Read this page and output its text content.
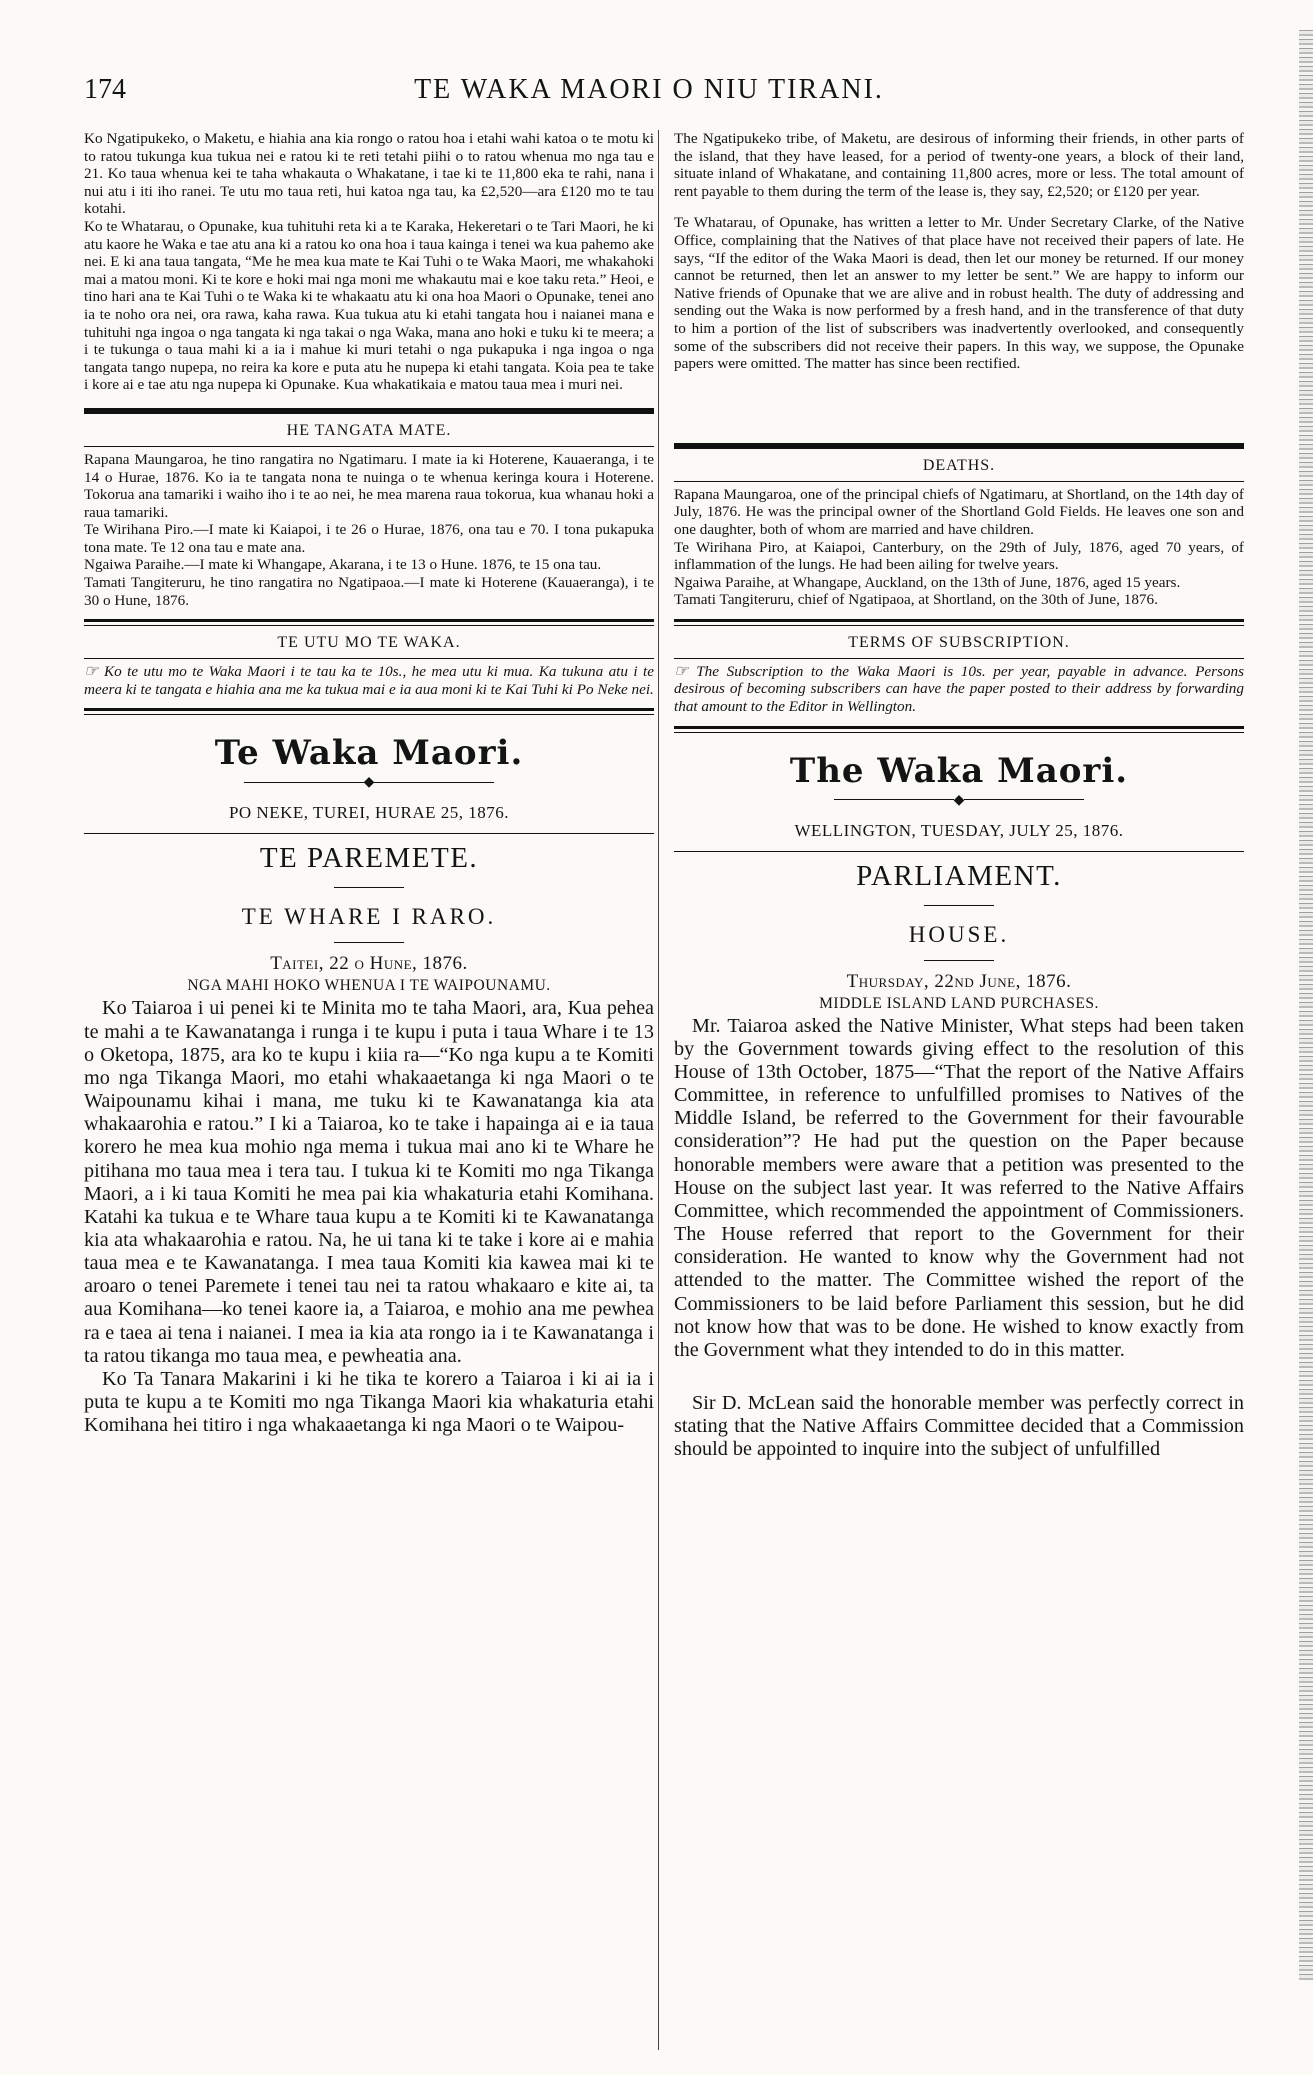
174	TE WAKA MAORI O NIU TIRANI.

Ko Ngatipukeko, o Maketu, e hiahia ana kia rongo o ratou hoa i etahi wahi katoa o te motu ki to ratou tukunga kua tukua nei e ratou ki te reti tetahi piihi o to ratou whenua mo nga tau e 21. Ko taua whenua kei te taha whakauta o Whakatane, i tae ki te 11,800 eka te rahi, nana i nui atu i iti iho ranei. Te utu mo taua reti, hui katoa nga tau, ka £2,520—ara £120 mo te tau kotahi.

Ko te Whatarau, o Opunake, kua tuhituhi reta ki a te Karaka, Hekeretari o te Tari Maori, he ki atu kaore he Waka e tae atu ana ki a ratou ko ona hoa i taua kainga i tenei wa kua pahemo ake nei. E ki ana taua tangata, “Me he mea kua mate te Kai Tuhi o te Waka Maori, me whakahoki mai a matou moni. Ki te kore e hoki mai nga moni me whakautu mai e koe taku reta.” Heoi, e tino hari ana te Kai Tuhi o te Waka ki te whakaatu atu ki ona hoa Maori o Opunake, tenei ano ia te noho ora nei, ora rawa, kaha rawa. Kua tukua atu ki etahi tangata hou i naianei mana e tuhituhi nga ingoa o nga tangata ki nga takai o nga Waka, mana ano hoki e tuku ki te meera; a i te tukunga o taua mahi ki a ia i mahue ki muri tetahi o nga pukapuka i nga ingoa o nga tangata tango nupepa, no reira ka kore e puta atu he nupepa ki etahi tangata. Koia pea te take i kore ai e tae atu nga nupepa ki Opunake. Kua whakatikaia e matou taua mea i muri nei.

HE TANGATA MATE.

Rapana Maungaroa, he tino rangatira no Ngatimaru. I mate ia ki Hoterene, Kauaeranga, i te 14 o Hurae, 1876. Ko ia te tangata nona te nuinga o te whenua keringa koura i Hoterene. Tokorua ana tamariki i waiho iho i te ao nei, he mea marena raua tokorua, kua whanau hoki a raua tamariki.

Te Wirihana Piro.—I mate ki Kaiapoi, i te 26 o Hurae, 1876, ona tau e 70. I tona pukapuka tona mate. Te 12 ona tau e mate ana.

Ngaiwa Paraihe.—I mate ki Whangape, Akarana, i te 13 o Hune. 1876, te 15 ona tau.

Tamati Tangiteruru, he tino rangatira no Ngatipaoa.—I mate ki Hoterene (Kauaeranga), i te 30 o Hune, 1876.

TE UTU MO TE WAKA.

☞ Ko te utu mo te Waka Maori i te tau ka te 10s., he mea utu ki mua. Ka tukuna atu i te meera ki te tangata e hiahia ana me ka tukua mai e ia aua moni ki te Kai Tuhi ki Po Neke nei.

Te Waka Maori.
◆
PO NEKE, TUREI, HURAE 25, 1876.
TE PAREMETE.
TE WHARE I RARO.
Taitei, 22 o Hune, 1876.
NGA MAHI HOKO WHENUA I TE WAIPOUNAMU.

Ko Taiaroa i ui penei ki te Minita mo te taha Maori, ara, Kua pehea te mahi a te Kawanatanga i runga i te kupu i puta i taua Whare i te 13 o Oketopa, 1875, ara ko te kupu i kiia ra—“Ko nga kupu a te Komiti mo nga Tikanga Maori, mo etahi whakaaetanga ki nga Maori o te Waipounamu kihai i mana, me tuku ki te Kawanatanga kia ata whakaarohia e ratou.” I ki a Taiaroa, ko te take i hapainga ai e ia taua korero he mea kua mohio nga mema i tukua mai ano ki te Whare he pitihana mo taua mea i tera tau. I tukua ki te Komiti mo nga Tikanga Maori, a i ki taua Komiti he mea pai kia whakaturia etahi Komihana. Katahi ka tukua e te Whare taua kupu a te Komiti ki te Kawanatanga kia ata whakaarohia e ratou. Na, he ui tana ki te take i kore ai e mahia taua mea e te Kawanatanga. I mea taua Komiti kia kawea mai ki te aroaro o tenei Paremete i tenei tau nei ta ratou whakaaro e kite ai, ta aua Komihana—ko tenei kaore ia, a Taiaroa, e mohio ana me pewhea ra e taea ai tena i naianei. I mea ia kia ata rongo ia i te Kawanatanga i ta ratou tikanga mo taua mea, e pewheatia ana.

Ko Ta Tanara Makarini i ki he tika te korero a Taiaroa i ki ai ia i puta te kupu a te Komiti mo nga Tikanga Maori kia whakaturia etahi Komihana hei titiro i nga whakaaetanga ki nga Maori o te Waipou-

The Ngatipukeko tribe, of Maketu, are desirous of informing their friends, in other parts of the island, that they have leased, for a period of twenty-one years, a block of their land, situate inland of Whakatane, and containing 11,800 acres, more or less. The total amount of rent payable to them during the term of the lease is, they say, £2,520; or £120 per year.

Te Whatarau, of Opunake, has written a letter to Mr. Under Secretary Clarke, of the Native Office, complaining that the Natives of that place have not received their papers of late. He says, “If the editor of the Waka Maori is dead, then let our money be returned. If our money cannot be returned, then let an answer to my letter be sent.” We are happy to inform our Native friends of Opunake that we are alive and in robust health. The duty of addressing and sending out the Waka is now performed by a fresh hand, and in the transference of that duty to him a portion of the list of subscribers was inadvertently overlooked, and consequently some of the subscribers did not receive their papers. In this way, we suppose, the Opunake papers were omitted. The matter has since been rectified.

DEATHS.

Rapana Maungaroa, one of the principal chiefs of Ngatimaru, at Shortland, on the 14th day of July, 1876. He was the principal owner of the Shortland Gold Fields. He leaves one son and one daughter, both of whom are married and have children.

Te Wirihana Piro, at Kaiapoi, Canterbury, on the 29th of July, 1876, aged 70 years, of inflammation of the lungs. He had been ailing for twelve years.

Ngaiwa Paraihe, at Whangape, Auckland, on the 13th of June, 1876, aged 15 years.

Tamati Tangiteruru, chief of Ngatipaoa, at Shortland, on the 30th of June, 1876.

TERMS OF SUBSCRIPTION.

☞ The Subscription to the Waka Maori is 10s. per year, payable in advance. Persons desirous of becoming subscribers can have the paper posted to their address by forwarding that amount to the Editor in Wellington.

The Waka Maori.
◆
WELLINGTON, TUESDAY, JULY 25, 1876.
PARLIAMENT.
HOUSE.
Thursday, 22nd June, 1876.
MIDDLE ISLAND LAND PURCHASES.

Mr. Taiaroa asked the Native Minister, What steps had been taken by the Government towards giving effect to the resolution of this House of 13th October, 1875—“That the report of the Native Affairs Committee, in reference to unfulfilled promises to Natives of the Middle Island, be referred to the Government for their favourable consideration”? He had put the question on the Paper because honorable members were aware that a petition was presented to the House on the subject last year. It was referred to the Native Affairs Committee, which recommended the appointment of Commissioners. The House referred that report to the Government for their consideration. He wanted to know why the Government had not attended to the matter. The Committee wished the report of the Commissioners to be laid before Parliament this session, but he did not know how that was to be done. He wished to know exactly from the Government what they intended to do in this matter.

Sir D. McLean said the honorable member was perfectly correct in stating that the Native Affairs Committee decided that a Commission should be appointed to inquire into the subject of unfulfilled
